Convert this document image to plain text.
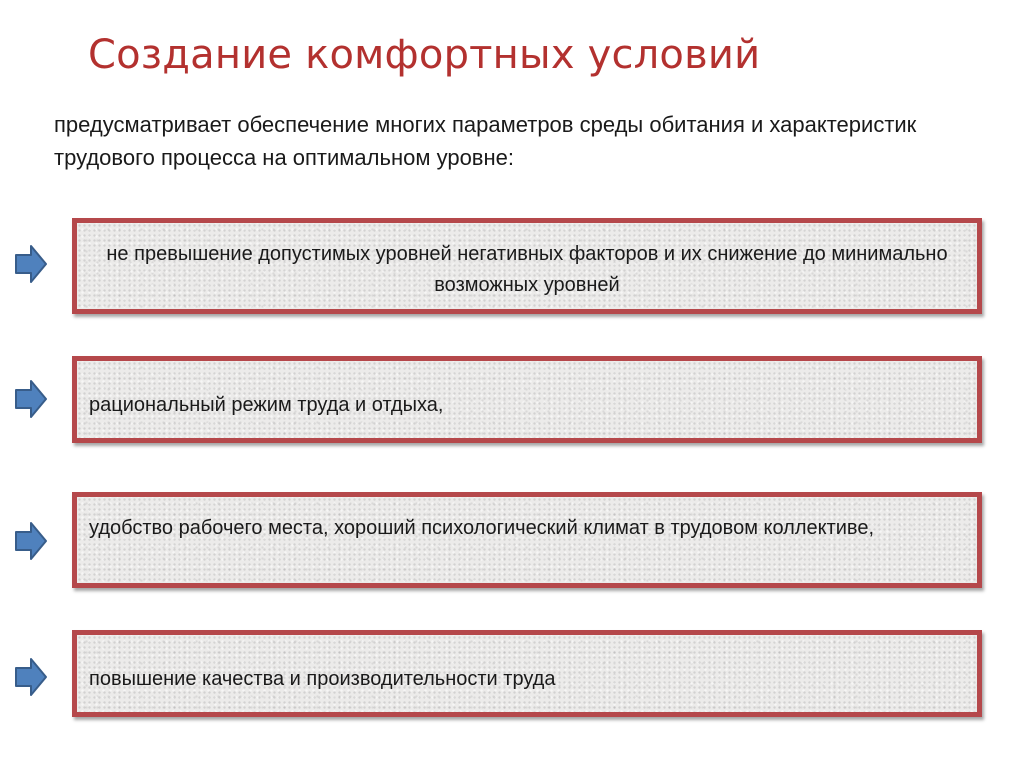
Создание комфортных условий
предусматривает обеспечение многих параметров среды обитания и характеристик трудового процесса на оптимальном уровне:
не превышение допустимых уровней негативных факторов и их снижение до минимально возможных уровней
рациональный режим труда и отдыха,
удобство рабочего места, хороший психологический климат в трудовом коллективе,
повышение качества и производительности труда
